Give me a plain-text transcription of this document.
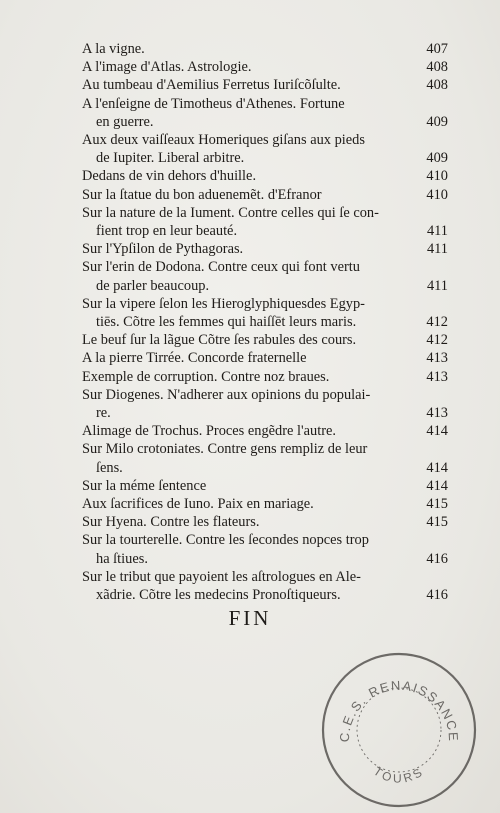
A la vigne.	407
A l'image d'Atlas. Astrologie.	408
Au tumbeau d'Aemilius Ferretus Iuriſcõſulte.	408
A l'enſeigne de Timotheus d'Athenes. Fortune
en guerre.	409
Aux deux vaiſſeaux Homeriques giſans aux pieds
de Iupiter. Liberal arbitre.	409
Dedans de vin dehors d'huille.	410
Sur la ſtatue du bon aduenemẽt. d'Efranor	410
Sur la nature de la Iument. Contre celles qui ſe con-
fient trop en leur beauté.	411
Sur l'Ypſilon de Pythagoras.	411
Sur l'erin de Dodona. Contre ceux qui font vertu
de parler beaucoup.	411
Sur la vipere ſelon les Hieroglyphiquesdes Egyp-
tiēs. Cõtre les femmes qui haiſſēt leurs maris.	412
Le beuf ſur la lãgue Cõtre ſes rabules des cours.	412
A la pierre Tirrée. Concorde fraternelle	413
Exemple de corruption. Contre noz braues.	413
Sur Diogenes. N'adherer aux opinions du populai-
re.	413
Alimage de Trochus. Proces engẽdre l'autre.	414
Sur Milo crotoniates. Contre gens rempliz de leur
ſens.	414
Sur la méme ſentence	414
Aux ſacrifices de Iuno. Paix en mariage.	415
Sur Hyena. Contre les flateurs.	415
Sur la tourterelle. Contre les ſecondes nopces trop
ha ſtiues.	416
Sur le tribut que payoient les aſtrologues en Ale-
xãdrie. Cõtre les medecins Pronoſtiqueurs.	416
FIN
C.E.S. RENAISSANCE
TOURS
